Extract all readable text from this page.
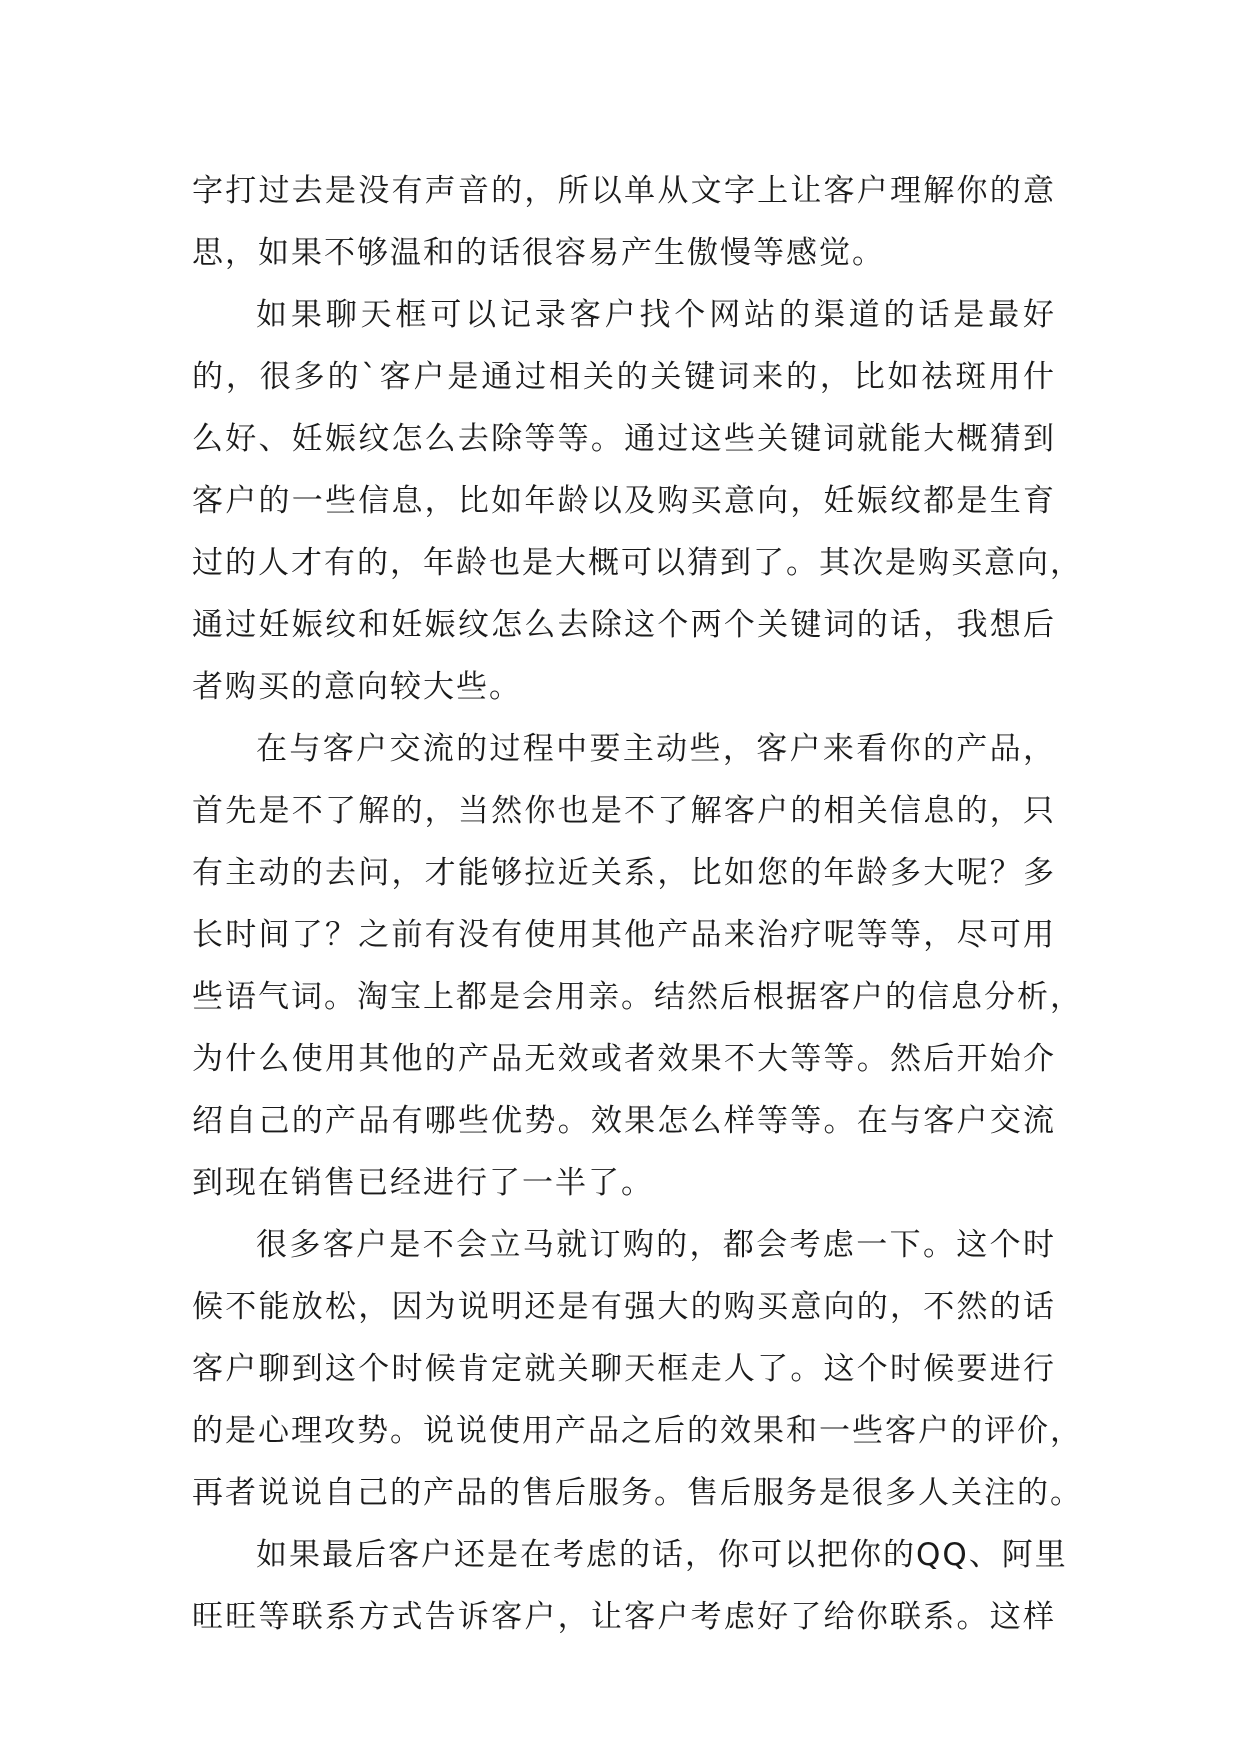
字打过去是没有声音的，所以单从文字上让客户理解你的意
思，如果不够温和的话很容易产生傲慢等感觉。
如果聊天框可以记录客户找个网站的渠道的话是最好
的，很多的`客户是通过相关的关键词来的，比如祛斑用什
么好、妊娠纹怎么去除等等。通过这些关键词就能大概猜到
客户的一些信息，比如年龄以及购买意向，妊娠纹都是生育
过的人才有的，年龄也是大概可以猜到了。其次是购买意向，
通过妊娠纹和妊娠纹怎么去除这个两个关键词的话，我想后
者购买的意向较大些。
在与客户交流的过程中要主动些，客户来看你的产品，
首先是不了解的，当然你也是不了解客户的相关信息的，只
有主动的去问，才能够拉近关系，比如您的年龄多大呢？多
长时间了？之前有没有使用其他产品来治疗呢等等，尽可用
些语气词。淘宝上都是会用亲。结然后根据客户的信息分析，
为什么使用其他的产品无效或者效果不大等等。然后开始介
绍自己的产品有哪些优势。效果怎么样等等。在与客户交流
到现在销售已经进行了一半了。
很多客户是不会立马就订购的，都会考虑一下。这个时
候不能放松，因为说明还是有强大的购买意向的，不然的话
客户聊到这个时候肯定就关聊天框走人了。这个时候要进行
的是心理攻势。说说使用产品之后的效果和一些客户的评价，
再者说说自己的产品的售后服务。售后服务是很多人关注的。
如果最后客户还是在考虑的话，你可以把你的QQ、阿里
旺旺等联系方式告诉客户，让客户考虑好了给你联系。这样
